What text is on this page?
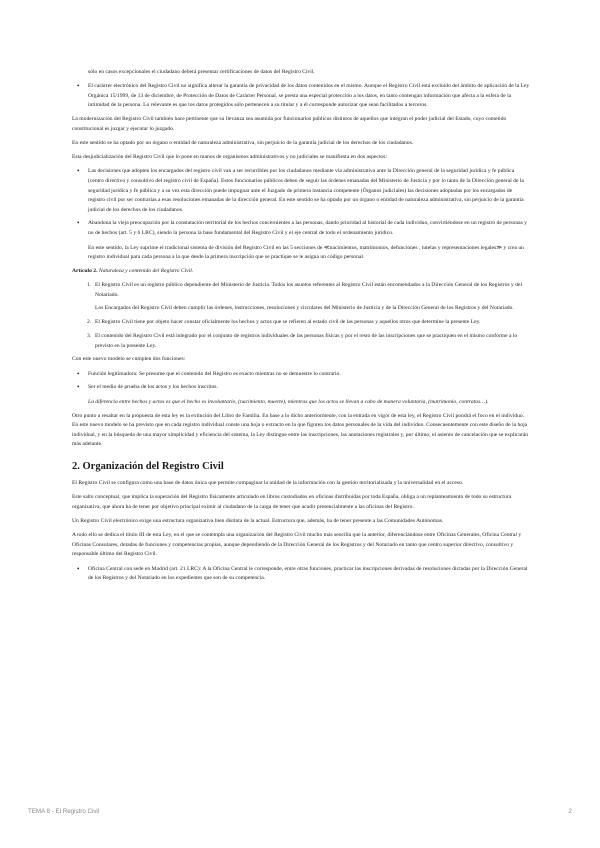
sólo en casos excepcionales el ciudadano deberá presentar certificaciones de datos del Registro Civil.

• El carácter electrónico del Registro Civil no significa alterar la garantía de privacidad de los datos contenidos en el mismo. Aunque el Registro Civil está excluido del ámbito de aplicación de la Ley Orgánica 15/1999, de 13 de diciembre, de Protección de Datos de Carácter Personal, se presta una especial protección a los datos, en tanto contengan información que afecta a la esfera de la intimidad de la persona. Lo relevante es que los datos protegidos sólo pertenecen a su titular y a él corresponde autorizar que sean facilitados a terceros.

La modernización del Registro Civil también hace pertinente que su llevanza sea asumida por funcionarios públicos distintos de aquellos que integran el poder judicial del Estado, cuyo cometido constitucional es juzgar y ejecutar lo juzgado.

En este sentido se ha optado por un órgano o entidad de naturaleza administrativa, sin perjuicio de la garantía judicial de los derechos de los ciudadanos.

Esta desjudicialización del Registro Civil que lo pone en manos de organismos administrativos y no judiciales se manifiesta en dos aspectos:

• Las decisiones que adopten los encargados del registro civil van a ser recurribles por los ciudadanos mediante vía administrativa ante la Dirección general de la seguridad jurídica y fe pública (centro directivo y consultivo del registro civil de España). Estos funcionarios públicos deben de seguir las órdenes emanadas del Ministerio de Justicia y por lo tanto de la Dirección general de la seguridad jurídica y fe pública y a su vez esta dirección puede impugnar ante el Juzgado de primera instancia competente (Órganos judiciales) las decisiones adoptadas por los encargados de registro civil por ser contrarias a esas resoluciones emanadas de la dirección general. En este sentido se ha optado por un órgano o entidad de naturaleza administrativa, sin perjuicio de la garantía judicial de los derechos de los ciudadanos.
• Abandona la vieja preocupación por la constatación territorial de los hechos concernientes a las personas, dando prioridad al historial de cada individuo, convirtiéndose en un registro de personas y no de hechos (art. 5 y 6 LRC), siendo la persona la base fundamental del Registro Civil y el eje central de todo el ordenamiento jurídico.
En este sentido, la Ley suprime el tradicional sistema de división del Registro Civil en las 5 secciones de ≪nacimientos, matrimonios, defunciones , tutelas y representaciones legales≫ y crea un registro individual para cada persona a la que desde la primera inscripción que se practique se le asigna un código personal.

Artículo 2. Naturaleza y contenido del Registro Civil.

1. El Registro Civil es un registro público dependiente del Ministerio de Justicia. Todos los asuntos referentes al Registro Civil están encomendados a la Dirección General de los Registros y del Notariado.
Los Encargados del Registro Civil deben cumplir las órdenes, instrucciones, resoluciones y circulares del Ministerio de Justicia y de la Dirección General de los Registros y del Notariado.
2. El Registro Civil tiene por objeto hacer constar oficialmente los hechos y actos que se refieren al estado civil de las personas y aquellos otros que determine la presente Ley.
3. El contenido del Registro Civil está integrado por el conjunto de registros individuales de las personas físicas y por el resto de las inscripciones que se practiquen en el mismo conforme a lo previsto en la presente Ley.

Con este nuevo modelo se cumplen dos funciones:

• Función legitimadora: Se presume que el contenido del Registro es exacto mientras no se demuestre lo contrario.
• Ser el medio de prueba de los actos y los hechos inscritos.
La diferencia entre hechos y actos es que el hecho es involuntario, (nacimiento, muerte), mientras que los actos se llevan a cabo de manera voluntaria, (matrimonio, contratos…).

Otro punto a resaltar en la propuesta de esta ley es la extinción del Libro de Familia. En base a lo dicho anteriormente, con la entrada en vigor de esta ley, el Registro Civil pondrá el foco en el individuo. En este nuevo modelo se ha previsto que en cada registro individual conste una hoja o extracto en la que figuren los datos personales de la vida del individuo. Consecuentemente con este diseño de la hoja individual, y en la búsqueda de una mayor simplicidad y eficiencia del sistema, la Ley distingue entre las inscripciones, las anotaciones registrales y, por último, el asiento de cancelación que se explicarán más adelante.

2. Organización del Registro Civil

El Registro Civil se configura como una base de datos única que permite compaginar la unidad de la información con la gestión territorializada y la universalidad en el acceso.

Este salto conceptual, que implica la superación del Registro físicamente articulado en libros custodiados en oficinas distribuidas por toda España, obliga a un replanteamiento de todo su estructura organizativa, que ahora ha de tener por objetivo principal eximir al ciudadano de la carga de tener que acudir presencialmente a las oficinas del Registro.

Un Registro Civil electrónico exige una estructura organizativa bien distinta de la actual. Estructura que, además, ha de tener presente a las Comunidades Autónomas.

A todo ello se dedica el título III de esta Ley, en el que se contempla una organización del Registro Civil mucho más sencilla que la anterior, diferenciándose entre Oficinas Generales, Oficina Central y Oficinas Consulares, dotadas de funciones y competencias propias, aunque dependiendo de la Dirección General de los Registros y del Notariado en tanto que centro superior directivo, consultivo y responsable último del Registro Civil.

• Oficina Central con sede en Madrid (art. 21 LRC): A la Oficina Central le corresponde, entre otras funciones, practicar las inscripciones derivadas de resoluciones dictadas por la Dirección General de los Registros y del Notariado en los expedientes que son de su competencia.
TEMA 8 - El Registro Civil	2
